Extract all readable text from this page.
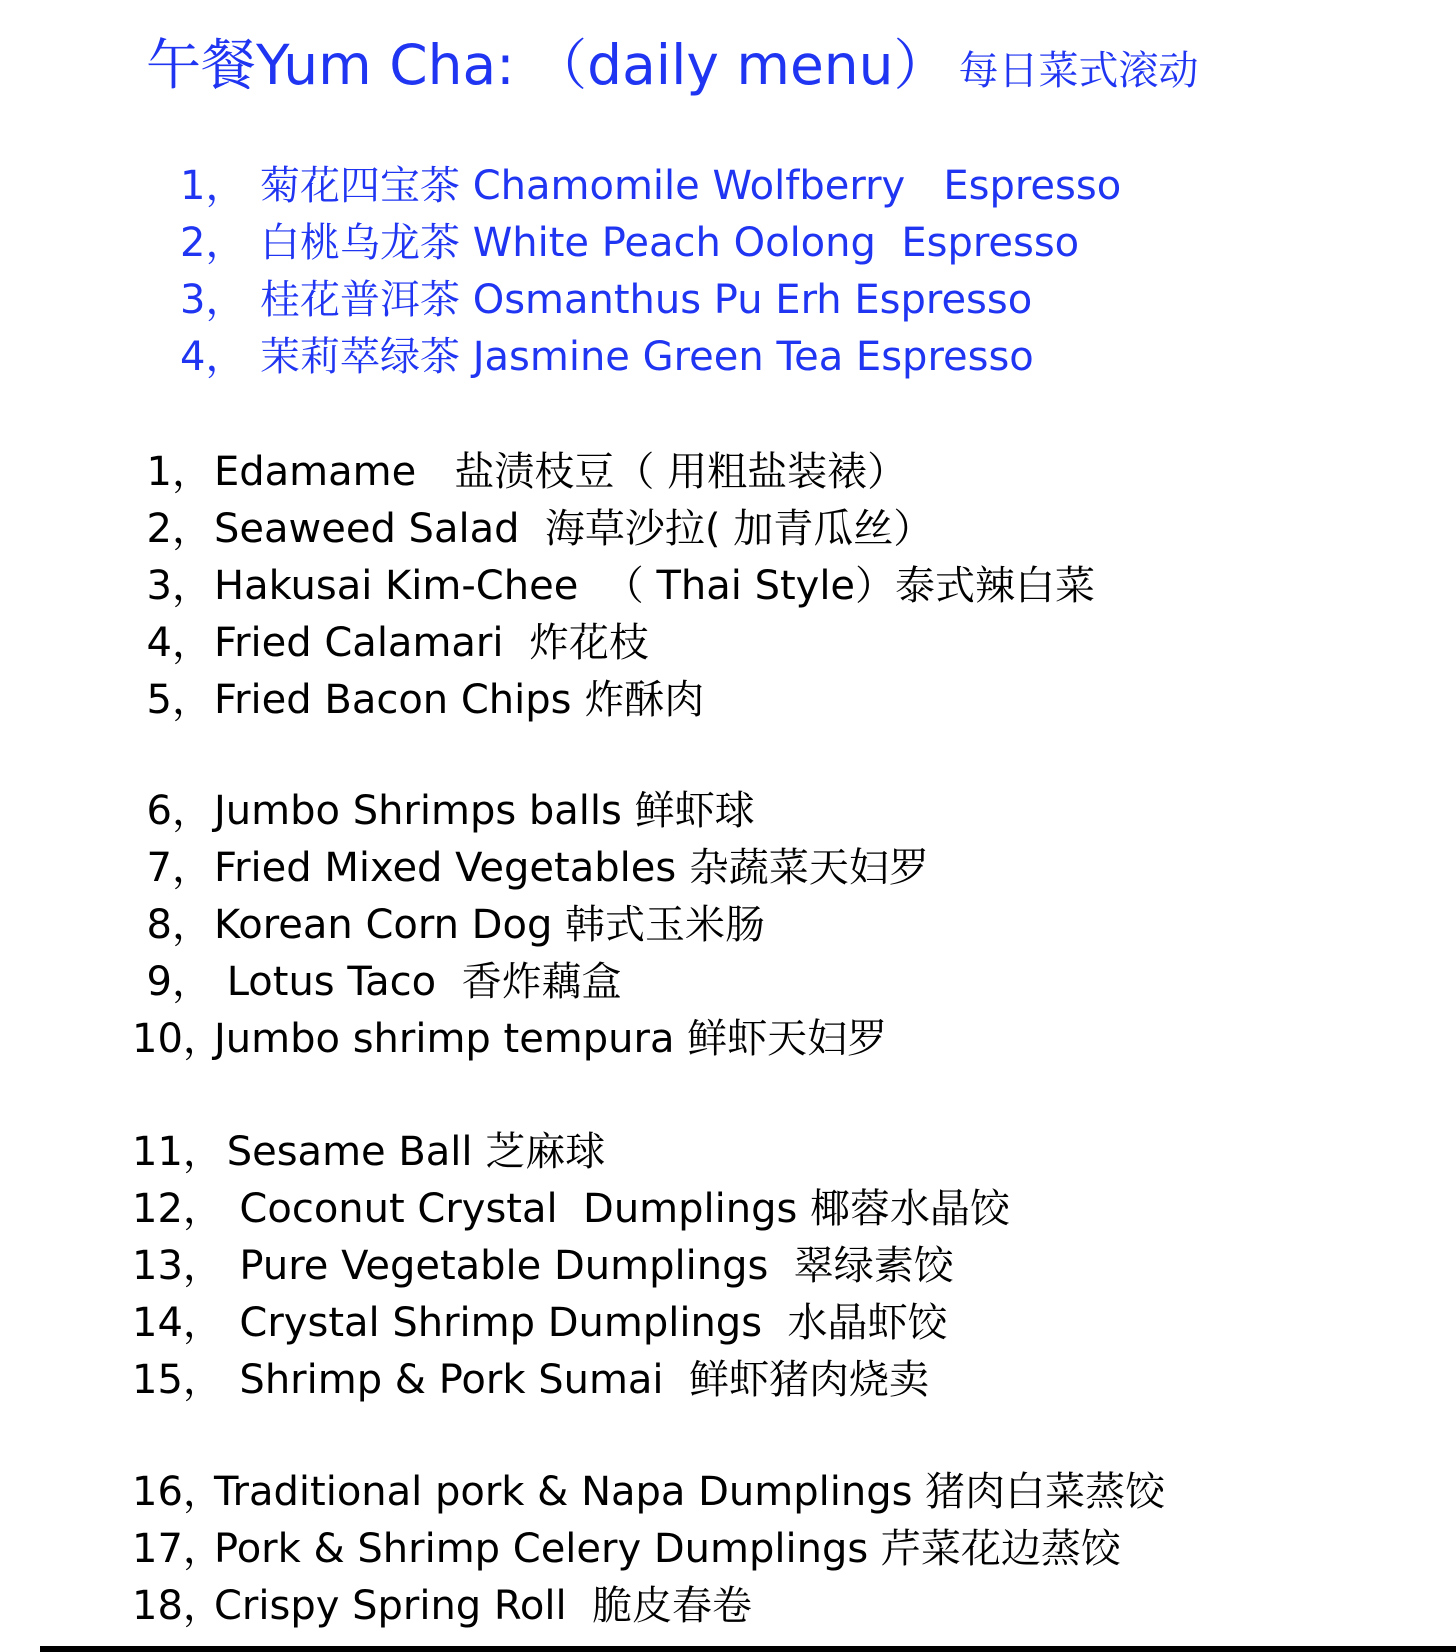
午餐Yum Cha: （daily menu） 每日菜式滚动
1， 菊花四宝茶 Chamomile Wolfberry   Espresso
2， 白桃乌龙茶 White Peach Oolong  Espresso
3， 桂花普洱茶 Osmanthus Pu Erh Espresso
4， 茉莉萃绿茶 Jasmine Green Tea Espresso
1，Edamame   盐渍枝豆（ 用粗盐装裱）
2，Seaweed Salad  海草沙拉( 加青瓜丝）
3，Hakusai Kim-Chee  （ Thai Style）泰式辣白菜
4，Fried Calamari  炸花枝
5，Fried Bacon Chips 炸酥肉
6，Jumbo Shrimps balls 鲜虾球
7，Fried Mixed Vegetables 杂蔬菜天妇罗
8，Korean Corn Dog 韩式玉米肠
9， Lotus Taco  香炸藕盒
10，Jumbo shrimp tempura 鲜虾天妇罗
11， Sesame Ball 芝麻球
12，  Coconut Crystal  Dumplings 椰蓉水晶饺
13，  Pure Vegetable Dumplings  翠绿素饺
14，  Crystal Shrimp Dumplings  水晶虾饺
15，  Shrimp & Pork Sumai  鲜虾猪肉烧卖
16，Traditional pork & Napa Dumplings 猪肉白菜蒸饺
17，Pork & Shrimp Celery Dumplings 芹菜花边蒸饺
18，Crispy Spring Roll  脆皮春卷
